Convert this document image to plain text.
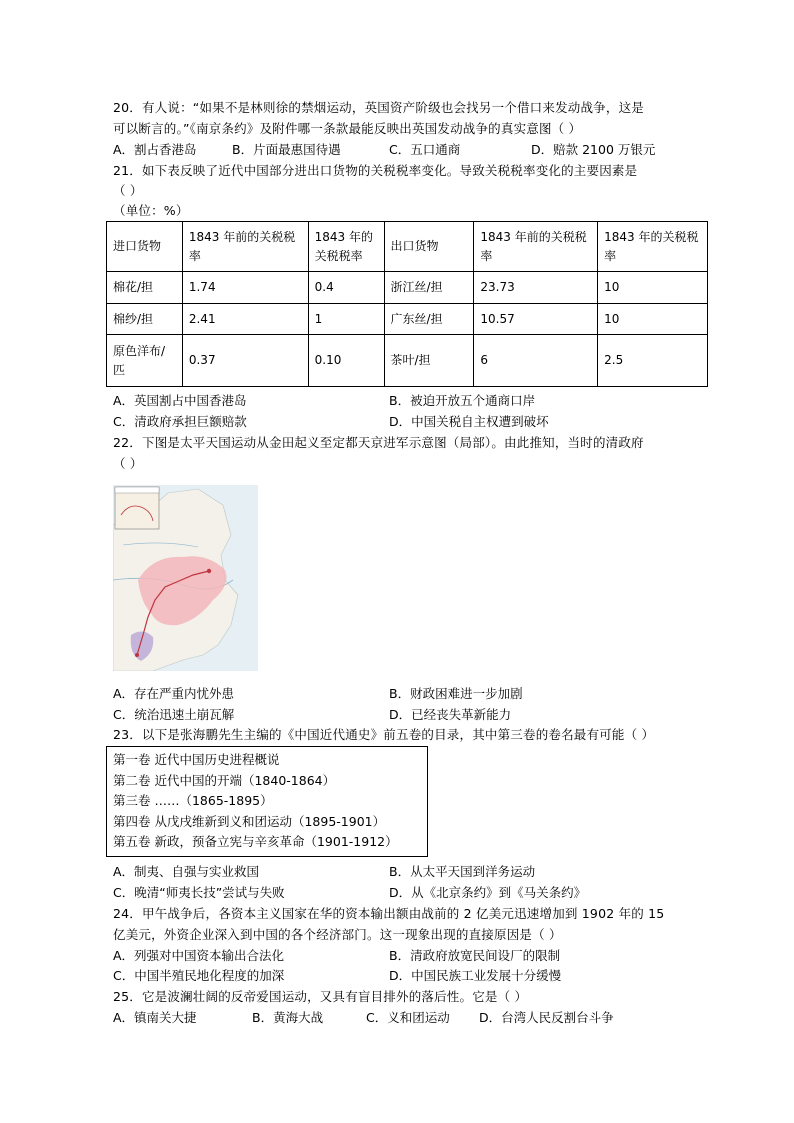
20．有人说：“如果不是林则徐的禁烟运动，英国资产阶级也会找另一个借口来发动战争，这是
可以断言的。”《南京条约》及附件哪一条款最能反映出英国发动战争的真实意图（ ）
A．割占香港岛	B．片面最惠国待遇	C．五口通商	D．赔款 2100 万银元
21．如下表反映了近代中国部分进出口货物的关税税率变化。导致关税税率变化的主要因素是
（ ）
（单位：%）
进口货物	1843 年前的关税税率	1843 年的关税税率	出口货物	1843 年前的关税税率	1843 年的关税税率
棉花/担	1.74	0.4	浙江丝/担	23.73	10
棉纱/担	2.41	1	广东丝/担	10.57	10
原色洋布/匹	0.37	0.10	茶叶/担	6	2.5
A．英国割占中国香港岛	B．被迫开放五个通商口岸
C．清政府承担巨额赔款	D．中国关税自主权遭到破坏
22．下图是太平天国运动从金田起义至定都天京进军示意图（局部）。由此推知，当时的清政府
（ ）
A．存在严重内忧外患	B．财政困难进一步加剧
C．统治迅速土崩瓦解	D．已经丧失革新能力
23．以下是张海鹏先生主编的《中国近代通史》前五卷的目录，其中第三卷的卷名最有可能（ ）
第一卷 近代中国历史进程概说
第二卷 近代中国的开端（1840-1864）
第三卷 ……（1865-1895）
第四卷 从戊戌维新到义和团运动（1895-1901）
第五卷 新政，预备立宪与辛亥革命（1901-1912）
A．制夷、自强与实业救国	B．从太平天国到洋务运动
C．晚清“师夷长技”尝试与失败	D．从《北京条约》到《马关条约》
24．甲午战争后，各资本主义国家在华的资本输出额由战前的 2 亿美元迅速增加到 1902 年的 15
亿美元，外资企业深入到中国的各个经济部门。这一现象出现的直接原因是（ ）
A．列强对中国资本输出合法化	B．清政府放宽民间设厂的限制
C．中国半殖民地化程度的加深	D．中国民族工业发展十分缓慢
25．它是波澜壮阔的反帝爱国运动，又具有盲目排外的落后性。它是（ ）
A．镇南关大捷	B．黄海大战	C．义和团运动 D．台湾人民反割台斗争
